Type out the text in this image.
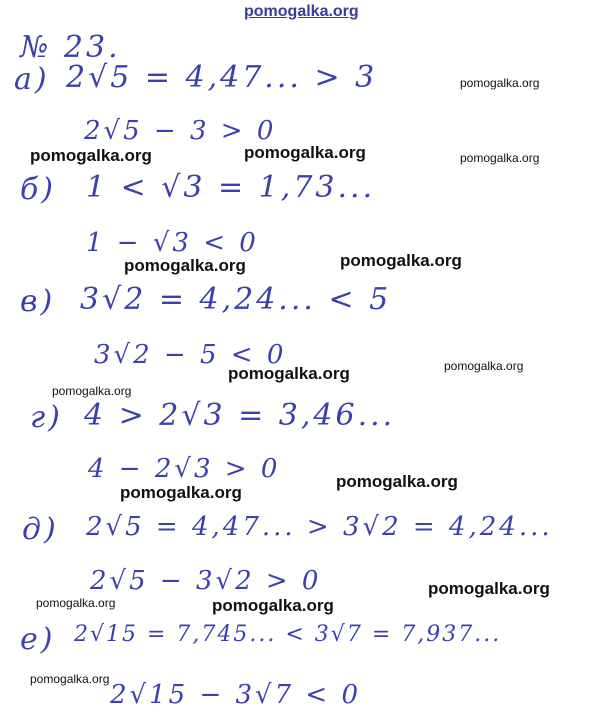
№ 23.
а) 2√5 = 4,47... > 3
2√5 − 3 > 0
б) 1 < √3 = 1,73...
1 − √3 < 0
в) 3√2 = 4,24... < 5
3√2 − 5 < 0
г) 4 > 2√3 = 3,46...
4 − 2√3 > 0
д) 2√5 = 4,47... > 3√2 = 4,24...
2√5 − 3√2 > 0
е) 2√15 = 7,745... < 3√7 = 7,937...
2√15 − 3√7 < 0
pomogalka.org
pomogalka.org
pomogalka.org	pomogalka.org	pomogalka.org
pomogalka.org	pomogalka.org
pomogalka.org	pomogalka.org
pomogalka.org
pomogalka.org
pomogalka.org
pomogalka.org
pomogalka.org	pomogalka.org
pomogalka.org
